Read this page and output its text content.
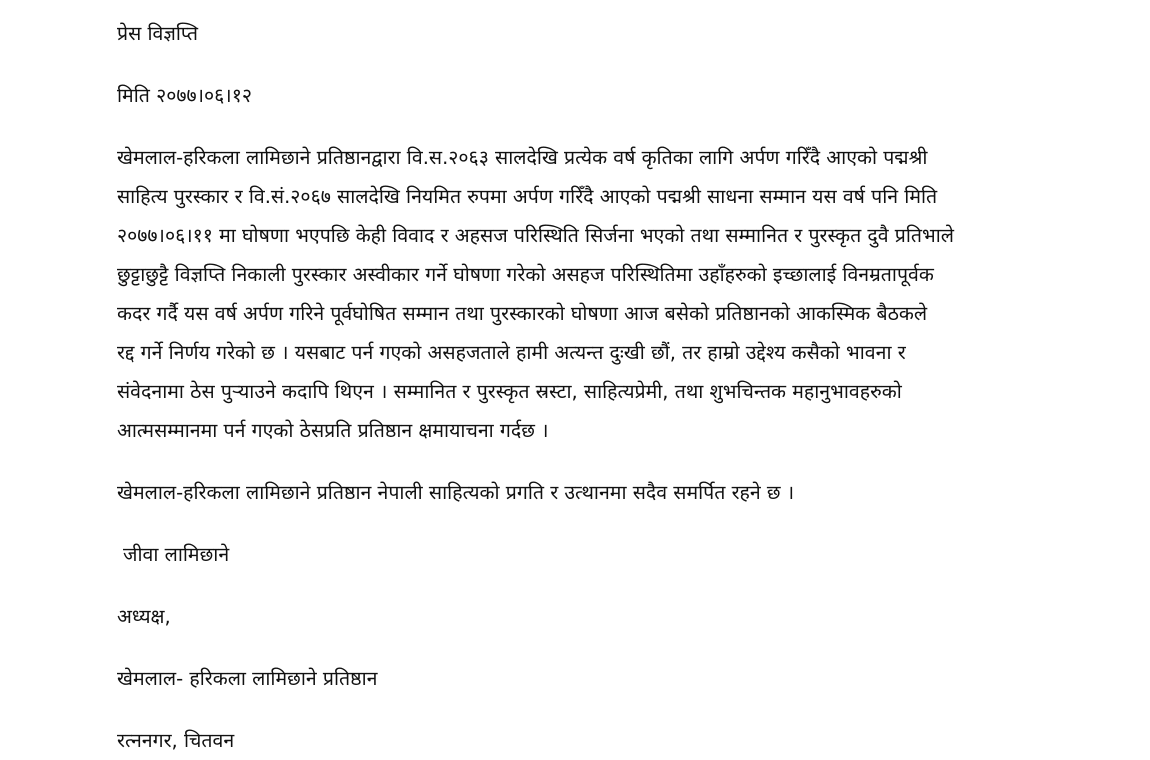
प्रेस विज्ञप्ति

मिति २०७७।०६।१२

खेमलाल-हरिकला लामिछाने प्रतिष्ठानद्वारा वि.स.२०६३ सालदेखि प्रत्येक वर्ष कृतिका लागि अर्पण गरिँदै आएको पद्मश्री

साहित्य पुरस्कार र वि.सं.२०६७ सालदेखि नियमित रुपमा अर्पण गरिँदै आएको पद्मश्री साधना सम्मान यस वर्ष पनि मिति

२०७७।०६।११ मा घोषणा भएपछि केही विवाद र अहसज परिस्थिति सिर्जना भएको तथा सम्मानित र पुरस्कृत दुवै प्रतिभाले

छुट्टाछुट्टै विज्ञप्ति निकाली पुरस्कार अस्वीकार गर्ने घोषणा गरेको असहज परिस्थितिमा उहाँहरुको इच्छालाई विनम्रतापूर्वक

कदर गर्दै यस वर्ष अर्पण गरिने पूर्वघोषित सम्मान तथा पुरस्कारको घोषणा आज बसेको प्रतिष्ठानको आकस्मिक बैठकले

रद्द गर्ने निर्णय गरेको छ । यसबाट पर्न गएको असहजताले हामी अत्यन्त दुःखी छौं, तर हाम्रो उद्देश्य कसैको भावना र

संवेदनामा ठेस पुऱ्याउने कदापि थिएन । सम्मानित र पुरस्कृत स्रस्टा, साहित्यप्रेमी, तथा शुभचिन्तक महानुभावहरुको

आत्मसम्मानमा पर्न गएको ठेसप्रति प्रतिष्ठान क्षमायाचना गर्दछ ।

खेमलाल-हरिकला लामिछाने प्रतिष्ठान नेपाली साहित्यको प्रगति र उत्थानमा सदैव समर्पित रहने छ ।

जीवा लामिछाने

अध्यक्ष,

खेमलाल- हरिकला लामिछाने प्रतिष्ठान

रत्ननगर, चितवन
